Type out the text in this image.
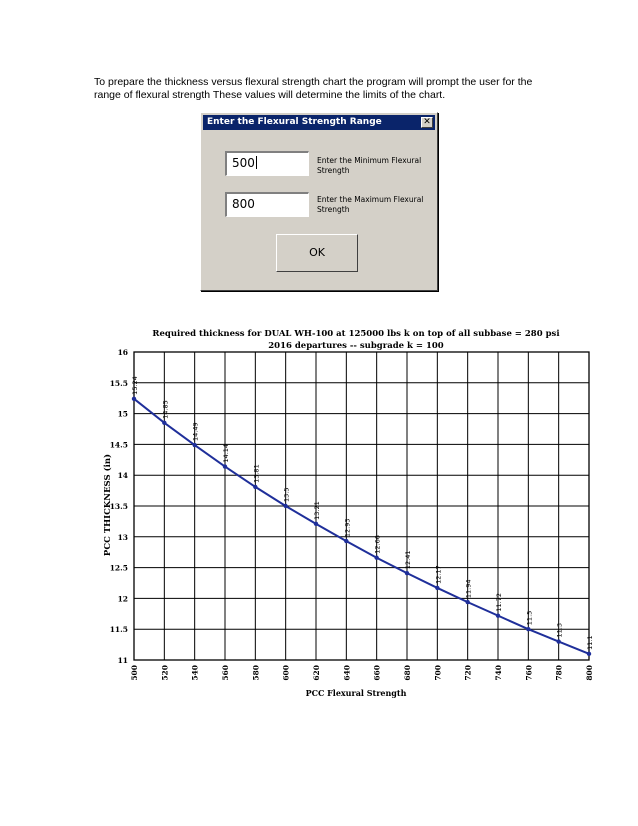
To prepare the thickness versus flexural strength chart the program will prompt the user for the
range of flexural strength These values will determine the limits of the chart.

Enter the Flexural Strength Range	✕
500	Enter the Minimum Flexural Strength
800	Enter the Maximum Flexural Strength
OK
Required thickness for DUAL WH-100 at 125000 lbs k on top of all subbase = 280 psi
2016 departures -- subgrade k = 100
PCC Flexural Strength
PCC THICKNESS (in)
16
15.5
15
14.5
14
13.5
13
12.5
12
11.5
11
500	520	540	560	580	600	620	640	660	680	700	720	740	760	780	800
15.24
14.85
14.49
14.14
13.81
13.5
13.21
12.93
12.66
12.41
12.17
11.94
11.72
11.5
11.3
11.1
